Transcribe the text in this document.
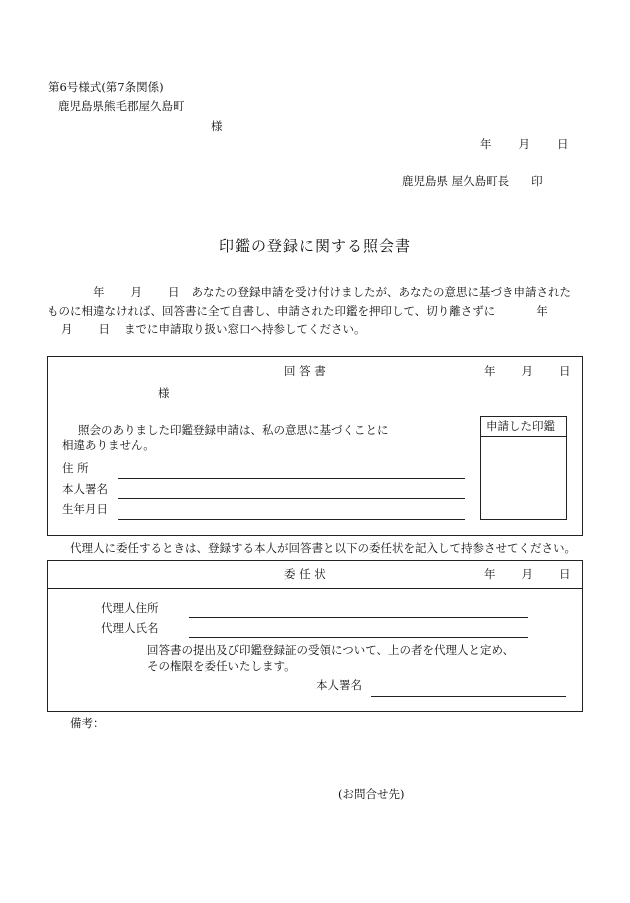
第6号様式(第7条関係)
鹿児島県熊毛郡屋久島町
様
年 月 日
鹿児島県 屋久島町長 印
印鑑の登録に関する照会書
年 月 日 あなたの登録申請を受け付けましたが、あなたの意思に基づき申請された
ものに相違なければ、回答書に全て自書し、申請された印鑑を押印して、切り離さずに	年
月 日 までに申請取り扱い窓口へ持参してください。
回 答 書	年 月 日
様
照会のありました印鑑登録申請は、私の意思に基づくことに
相違ありません。
住 所
本人署名
生年月日
申請した印鑑
代理人に委任するときは、登録する本人が回答書と以下の委任状を記入して持参させてください。
委 任 状	年 月 日
代理人住所
代理人氏名
回答書の提出及び印鑑登録証の受領について、上の者を代理人と定め、
その権限を委任いたします。
本人署名
備考：
(お問合せ先)
